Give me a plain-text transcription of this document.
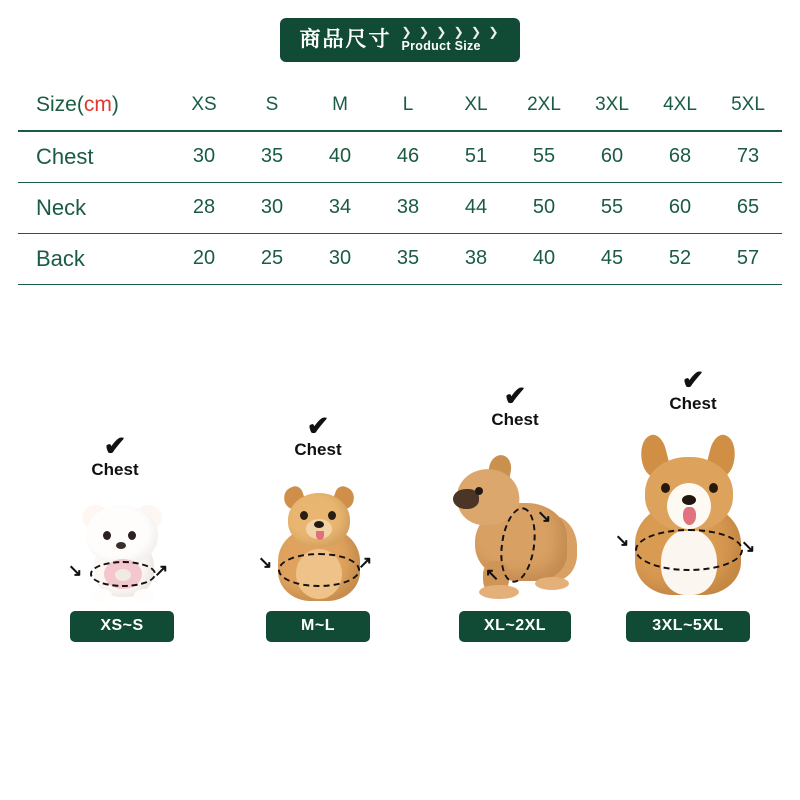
商品尺寸 ❯ ❯ ❯ ❯ ❯ ❯
Product Size
Size(cm)	XS	S	M	L	XL	2XL	3XL	4XL	5XL
Chest	30	35	40	46	51	55	60	68	73
Neck	28	30	34	38	44	50	55	60	65
Back	20	25	30	35	38	40	45	52	57
✔
Chest
↘	↗
XS~S
✔
Chest
↘	↗
M~L
✔
Chest
↘
↖
XL~2XL
✔
Chest
↘	↘
3XL~5XL
